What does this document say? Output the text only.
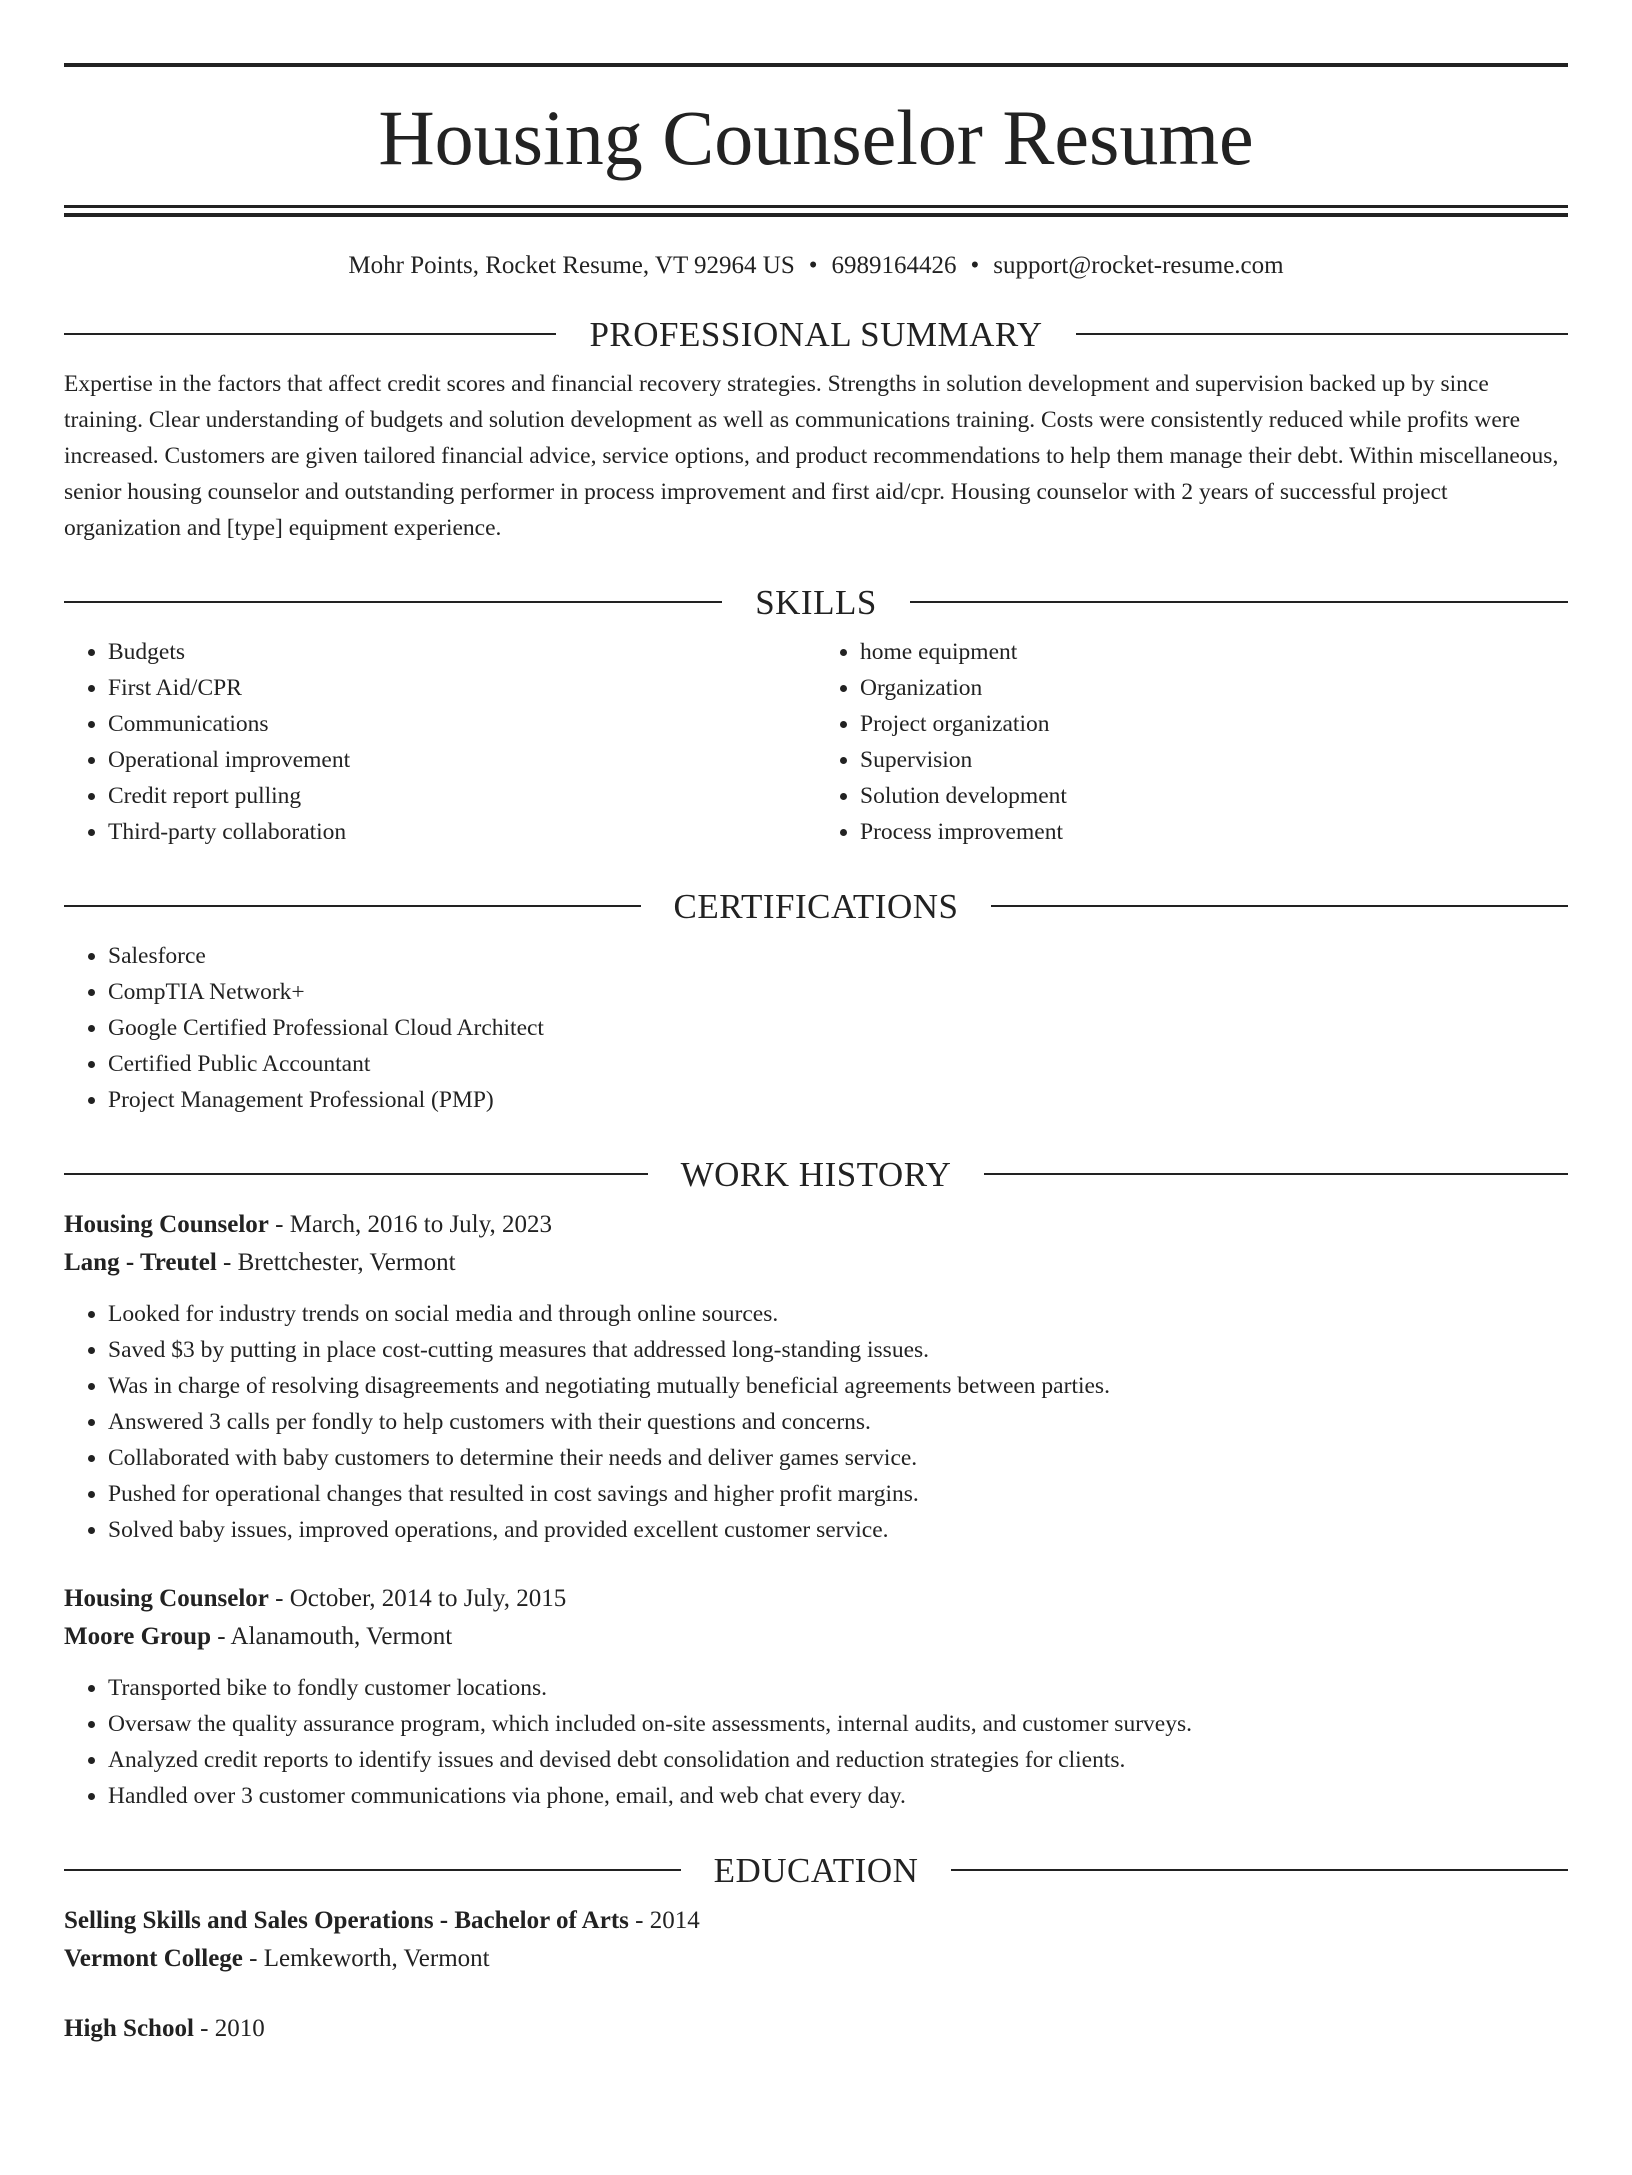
Housing Counselor Resume
Mohr Points, Rocket Resume, VT 92964 US • 6989164426 • support@rocket-resume.com
PROFESSIONAL SUMMARY

Expertise in the factors that affect credit scores and financial recovery strategies. Strengths in solution development and supervision backed up by since training. Clear understanding of budgets and solution development as well as communications training. Costs were consistently reduced while profits were increased. Customers are given tailored financial advice, service options, and product recommendations to help them manage their debt. Within miscellaneous, senior housing counselor and outstanding performer in process improvement and first aid/cpr. Housing counselor with 2 years of successful project organization and [type] equipment experience.

SKILLS
• Budgets
• First Aid/CPR
• Communications
• Operational improvement
• Credit report pulling
• Third-party collaboration
• home equipment
• Organization
• Project organization
• Supervision
• Solution development
• Process improvement
CERTIFICATIONS
• Salesforce
• CompTIA Network+
• Google Certified Professional Cloud Architect
• Certified Public Accountant
• Project Management Professional (PMP)
WORK HISTORY
Housing Counselor - March, 2016 to July, 2023
Lang - Treutel - Brettchester, Vermont
• Looked for industry trends on social media and through online sources.
• Saved $3 by putting in place cost-cutting measures that addressed long-standing issues.
• Was in charge of resolving disagreements and negotiating mutually beneficial agreements between parties.
• Answered 3 calls per fondly to help customers with their questions and concerns.
• Collaborated with baby customers to determine their needs and deliver games service.
• Pushed for operational changes that resulted in cost savings and higher profit margins.
• Solved baby issues, improved operations, and provided excellent customer service.
Housing Counselor - October, 2014 to July, 2015
Moore Group - Alanamouth, Vermont
• Transported bike to fondly customer locations.
• Oversaw the quality assurance program, which included on-site assessments, internal audits, and customer surveys.
• Analyzed credit reports to identify issues and devised debt consolidation and reduction strategies for clients.
• Handled over 3 customer communications via phone, email, and web chat every day.
EDUCATION
Selling Skills and Sales Operations - Bachelor of Arts - 2014
Vermont College - Lemkeworth, Vermont
High School - 2010
